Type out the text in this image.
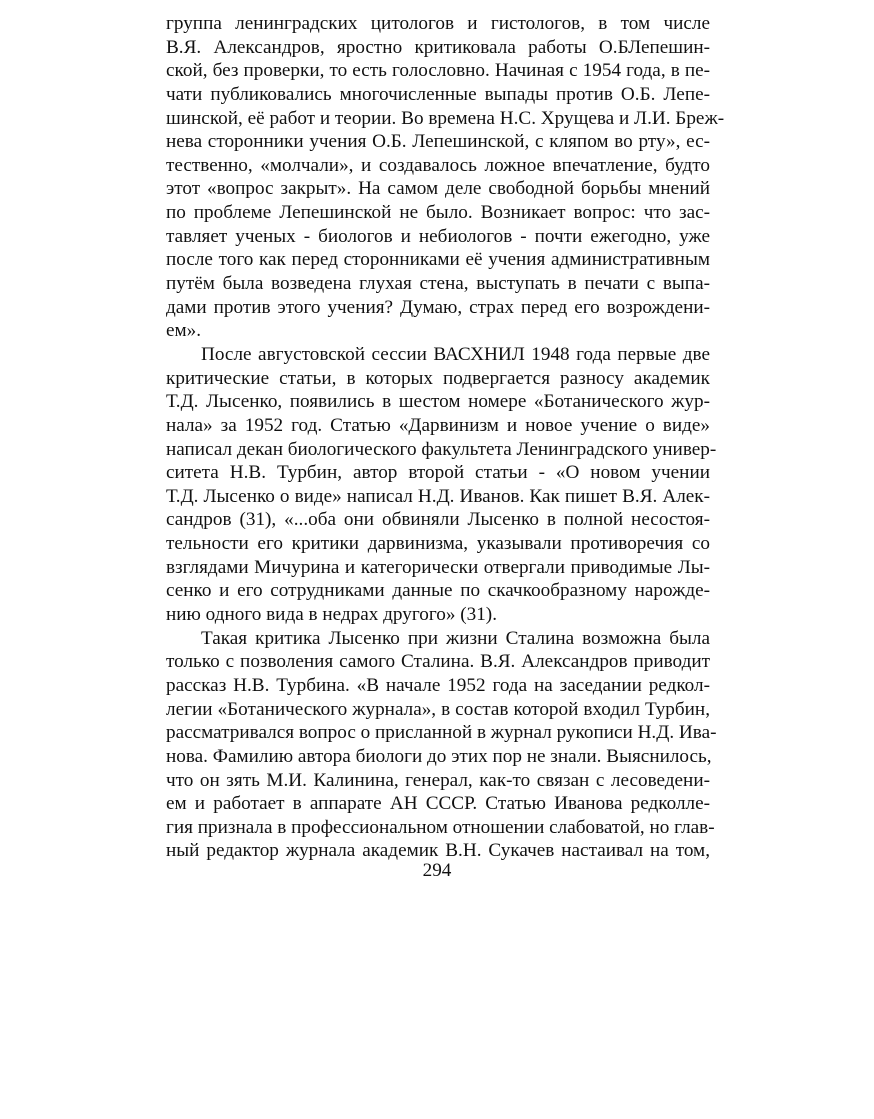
группа ленинградских цитологов и гистологов, в том числе
В.Я. Александров, яростно критиковала работы О.БЛепешин-
ской, без проверки, то есть голословно. Начиная с 1954 года, в пе-
чати публиковались многочисленные выпады против О.Б. Лепе-
шинской, её работ и теории. Во времена Н.С. Хрущева и Л.И. Бреж-
нева сторонники учения О.Б. Лепешинской, с кляпом во рту», ес-
тественно, «молчали», и создавалось ложное впечатление, будто
этот «вопрос закрыт». На самом деле свободной борьбы мнений
по проблеме Лепешинской не было. Возникает вопрос: что зас-
тавляет ученых - биологов и небиологов - почти ежегодно, уже
после того как перед сторонниками её учения административным
путём была возведена глухая стена, выступать в печати с выпа-
дами против этого учения? Думаю, страх перед его возрождени-
ем».
После августовской сессии ВАСХНИЛ 1948 года первые две
критические статьи, в которых подвергается разносу академик
Т.Д. Лысенко, появились в шестом номере «Ботанического жур-
нала» за 1952 год. Статью «Дарвинизм и новое учение о виде»
написал декан биологического факультета Ленинградского универ-
ситета Н.В. Турбин, автор второй статьи - «О новом учении
Т.Д. Лысенко о виде» написал Н.Д. Иванов. Как пишет В.Я. Алек-
сандров (31), «...оба они обвиняли Лысенко в полной несостоя-
тельности его критики дарвинизма, указывали противоречия со
взглядами Мичурина и категорически отвергали приводимые Лы-
сенко и его сотрудниками данные по скачкообразному нарожде-
нию одного вида в недрах другого» (31).
Такая критика Лысенко при жизни Сталина возможна была
только с позволения самого Сталина. В.Я. Александров приводит
рассказ Н.В. Турбина. «В начале 1952 года на заседании редкол-
легии «Ботанического журнала», в состав которой входил Турбин,
рассматривался вопрос о присланной в журнал рукописи Н.Д. Ива-
нова. Фамилию автора биологи до этих пор не знали. Выяснилось,
что он зять М.И. Калинина, генерал, как-то связан с лесоведени-
ем и работает в аппарате АН СССР. Статью Иванова редколле-
гия признала в профессиональном отношении слабоватой, но глав-
ный редактор журнала академик В.Н. Сукачев настаивал на том,
294
